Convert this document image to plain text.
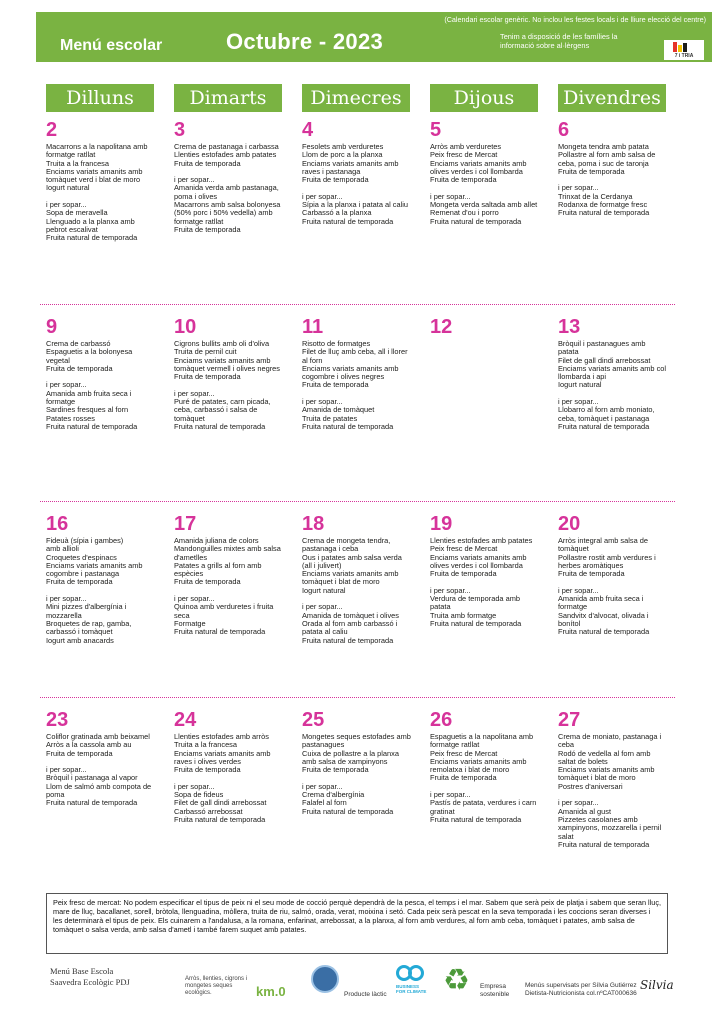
(Calendari escolar genèric. No inclou les festes locals i de lliure elecció del centre)
Menú escolar	Octubre - 2023	Tenim a disposició de les famílies la
informació sobre al·lèrgens
7 i TRIA
Dilluns	Dimarts	Dimecres	Dijous	Divendres
2
Macarrons a la napolitana amb
formatge ratllat
Truita a la francesa
Enciams variats amanits amb
tomàquet verd i blat de moro
Iogurt natural
i per sopar...
Sopa de meravella
Llenguado a la planxa amb
pebrot escalivat
Fruita natural de temporada
3
Crema de pastanaga i carbassa
Llenties estofades amb patates
Fruita de temporada
i per sopar...
Amanida verda amb pastanaga,
poma i olives
Macarrons amb salsa bolonyesa
(50% porc i 50% vedella) amb
formatge ratllat
Fruita de temporada
4
Fesolets amb verduretes
Llom de porc a la planxa
Enciams variats amanits amb
raves i pastanaga
Fruita de temporada
i per sopar...
Sípia a la planxa i patata al caliu
Carbassó a la planxa
Fruita natural de temporada
5
Arròs amb verduretes
Peix fresc de Mercat
Enciams variats amanits amb
olives verdes i col llombarda
Fruita de temporada
i per sopar...
Mongeta verda saltada amb allet
Remenat d'ou i porro
Fruita natural de temporada
6
Mongeta tendra amb patata
Pollastre al forn amb salsa de
ceba, poma i suc de taronja
Fruita de temporada
i per sopar...
Trinxat de la Cerdanya
Rodanxa de formatge fresc
Fruita natural de temporada
9
Crema de carbassó
Espaguetis a la bolonyesa
vegetal
Fruita de temporada
i per sopar...
Amanida amb fruita seca i
formatge
Sardines fresques al forn
Patates rosses
Fruita natural de temporada
10
Cigrons bullits amb oli d'oliva
Truita de pernil cuit
Enciams variats amanits amb
tomàquet vermell i olives negres
Fruita de temporada
i per sopar...
Puré de patates, carn picada,
ceba, carbassó i salsa de
tomàquet
Fruita natural de temporada
11
Risotto de formatges
Filet de lluç amb ceba, all i llorer
al forn
Enciams variats amanits amb
cogombre i olives negres
Fruita de temporada
i per sopar...
Amanida de tomàquet
Truita de patates
Fruita natural de temporada
12	13
Bròquil i pastanagues amb
patata
Filet de gall dindi arrebossat
Enciams variats amanits amb col
llombarda i api
Iogurt natural
i per sopar...
Llobarro al forn amb moniato,
ceba, tomàquet i pastanaga
Fruita natural de temporada
16
Fideuà (sípia i gambes)
amb allioli
Croquetes d'espinacs
Enciams variats amanits amb
cogombre i pastanaga
Fruita de temporada
i per sopar...
Mini pizzes d'albergínia i
mozzarella
Broquetes de rap, gamba,
carbassó i tomàquet
Iogurt amb anacards
17
Amanida juliana de colors
Mandonguilles mixtes amb salsa
d'ametlles
Patates a grills al forn amb
espècies
Fruita de temporada
i per sopar...
Quinoa amb verduretes i fruita
seca
Formatge
Fruita natural de temporada
18
Crema de mongeta tendra,
pastanaga i ceba
Ous i patates amb salsa verda
(all i julivert)
Enciams variats amanits amb
tomàquet i blat de moro
Iogurt natural
i per sopar...
Amanida de tomàquet i olives
Orada al forn amb carbassó i
patata al caliu
Fruita natural de temporada
19
Llenties estofades amb patates
Peix fresc de Mercat
Enciams variats amanits amb
olives verdes i col llombarda
Fruita de temporada
i per sopar...
Verdura de temporada amb
patata
Truita amb formatge
Fruita natural de temporada
20
Arròs integral amb salsa de
tomàquet
Pollastre rostit amb verdures i
herbes aromàtiques
Fruita de temporada
i per sopar...
Amanida amb fruita seca i
formatge
Sandvitx d'alvocat, olivada i
bonítol
Fruita natural de temporada
23
Coliflor gratinada amb beixamel
Arròs a la cassola amb au
Fruita de temporada
i per sopar...
Bròquil i pastanaga al vapor
Llom de salmó amb compota de
poma
Fruita natural de temporada
24
Llenties estofades amb arròs
Truita a la francesa
Enciams variats amanits amb
raves i olives verdes
Fruita de temporada
i per sopar...
Sopa de fideus
Filet de gall dindi arrebossat
Carbassó arrebossat
Fruita natural de temporada
25
Mongetes seques estofades amb
pastanagues
Cuixa de pollastre a la planxa
amb salsa de xampinyons
Fruita de temporada
i per sopar...
Crema d'albergínia
Falafel al forn
Fruita natural de temporada
26
Espaguetis a la napolitana amb
formatge ratllat
Peix fresc de Mercat
Enciams variats amanits amb
remolatxa i blat de moro
Fruita de temporada
i per sopar...
Pastís de patata, verdures i carn
gratinat
Fruita natural de temporada
27
Crema de moniato, pastanaga i
ceba
Rodó de vedella al forn amb
saltat de bolets
Enciams variats amanits amb
tomàquet i blat de moro
Postres d'aniversari
i per sopar...
Amanida al gust
Pizzetes casolanes amb
xampinyons, mozzarella i pernil
salat
Fruita natural de temporada
Peix fresc de mercat: No podem especificar el tipus de peix ni el seu mode de cocció perquè dependrà de la pesca, el temps i el mar. Sabem que serà peix de platja i sabem que seran lluç, mare de lluç, bacallanet, sorell, bròtola, llenguadina, mòllera, truita de riu, salmó, orada, verat, moixina i setó. Cada peix serà pescat en la seva temporada i les coccions seran diverses i les determinarà el tipus de peix. Els cuinarem a l'andalusa, a la romana, enfarinat, arrebossat, a la planxa, al forn amb verdures, al forn amb ceba, tomàquet i patates, amb salsa de tomàquet o salsa verda, amb salsa d'ametl i també farem suquet amb patates.
Menú Base Escola
Saavedra Ecològic PDJ	Arròs, llenties, cigrons i mongetes seques ecològics.	km.0	Producte làctic
BUSINESS FOR CLIMATE ♻ Empresa sostenible
Menús supervisats per Sílvia Gutiérrez
Dietista-Nutricionista col.nºCAT000636
Silvia
